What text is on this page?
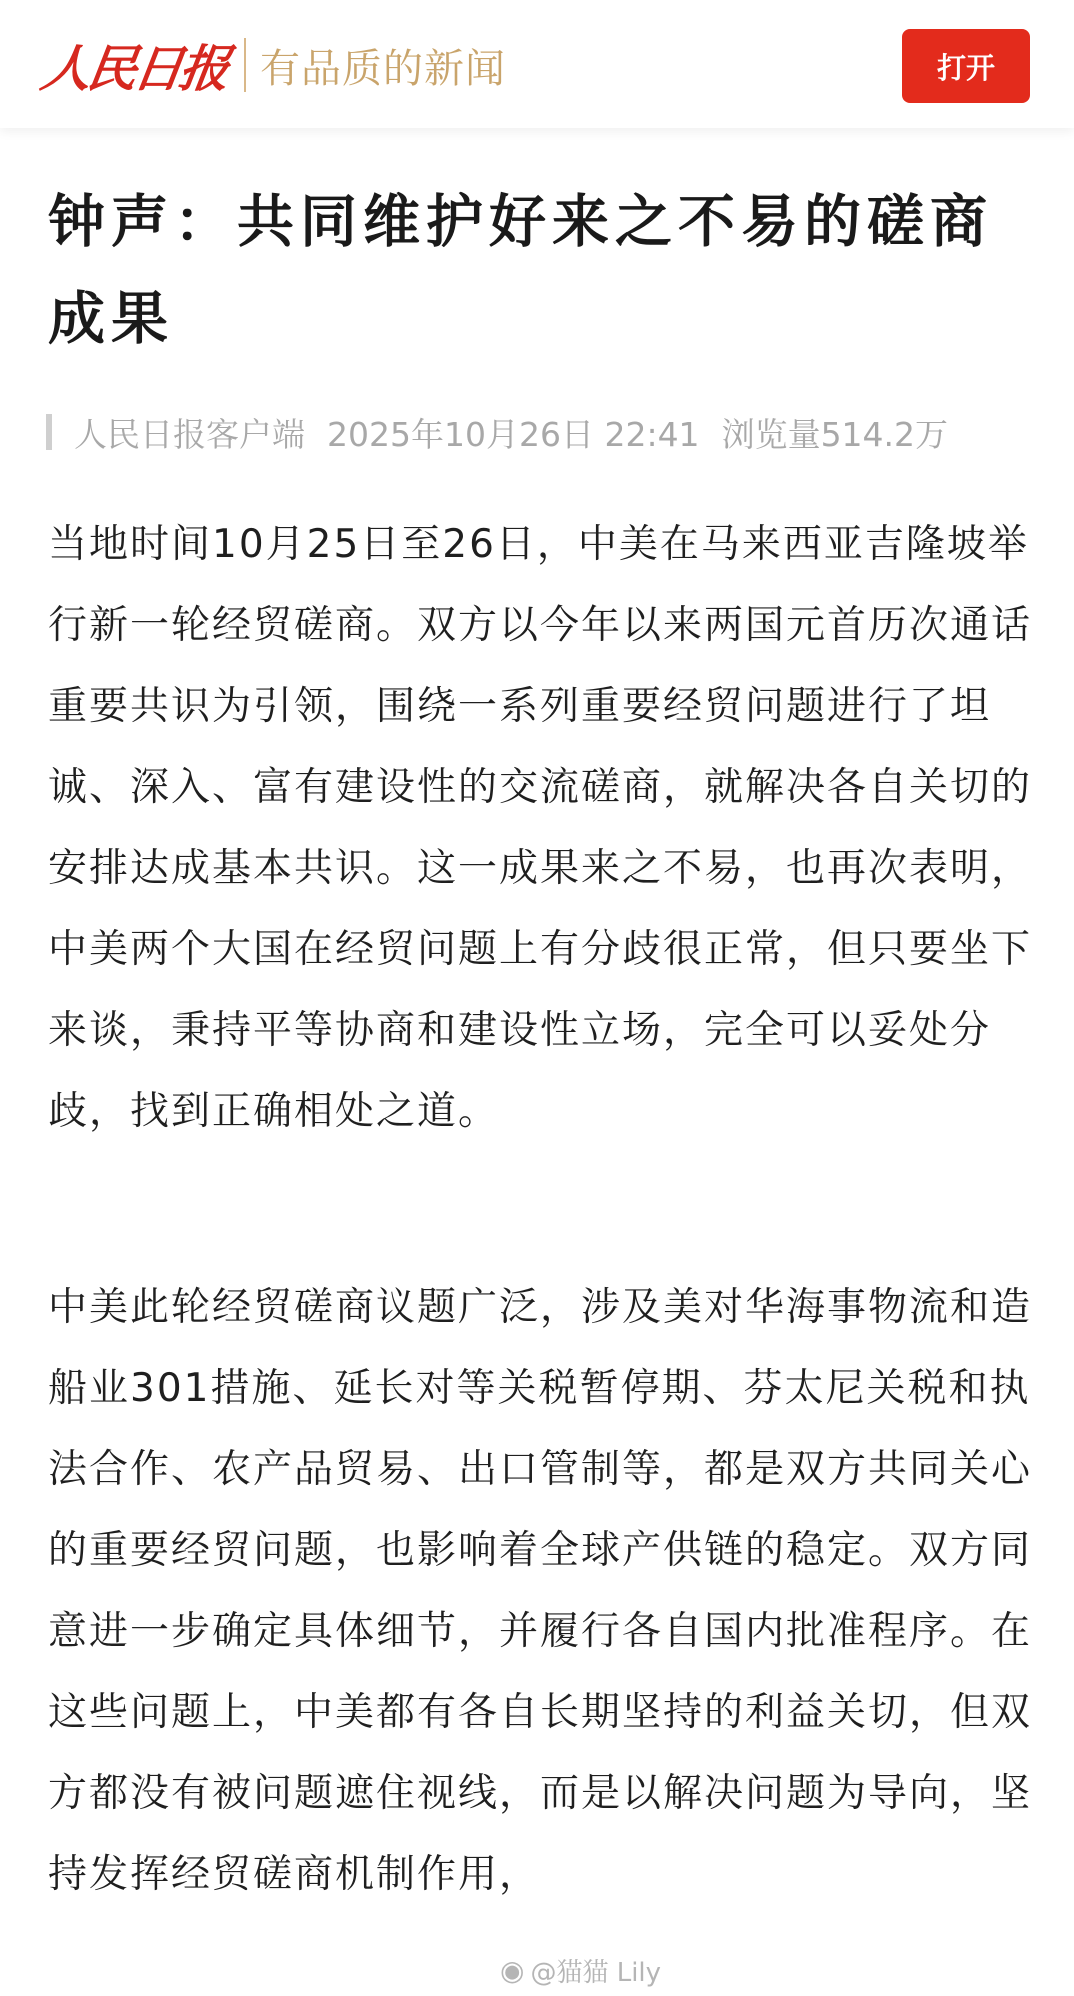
人民日报 有品质的新闻	打开
钟声：共同维护好来之不易的磋商成果
人民日报客户端 2025年10月26日 22:41 浏览量514.2万

当地时间10月25日至26日，中美在马来西亚吉隆坡举行新一轮经贸磋商。双方以今年以来两国元首历次通话重要共识为引领，围绕一系列重要经贸问题进行了坦诚、深入、富有建设性的交流磋商，就解决各自关切的安排达成基本共识。这一成果来之不易，也再次表明，中美两个大国在经贸问题上有分歧很正常，但只要坐下来谈，秉持平等协商和建设性立场，完全可以妥处分歧，找到正确相处之道。

中美此轮经贸磋商议题广泛，涉及美对华海事物流和造船业301措施、延长对等关税暂停期、芬太尼关税和执法合作、农产品贸易、出口管制等，都是双方共同关心的重要经贸问题，也影响着全球产供链的稳定。双方同意进一步确定具体细节，并履行各自国内批准程序。在这些问题上，中美都有各自长期坚持的利益关切，但双方都没有被问题遮住视线，而是以解决问题为导向，坚持发挥经贸磋商机制作用，

◉ @猫猫 Lily
